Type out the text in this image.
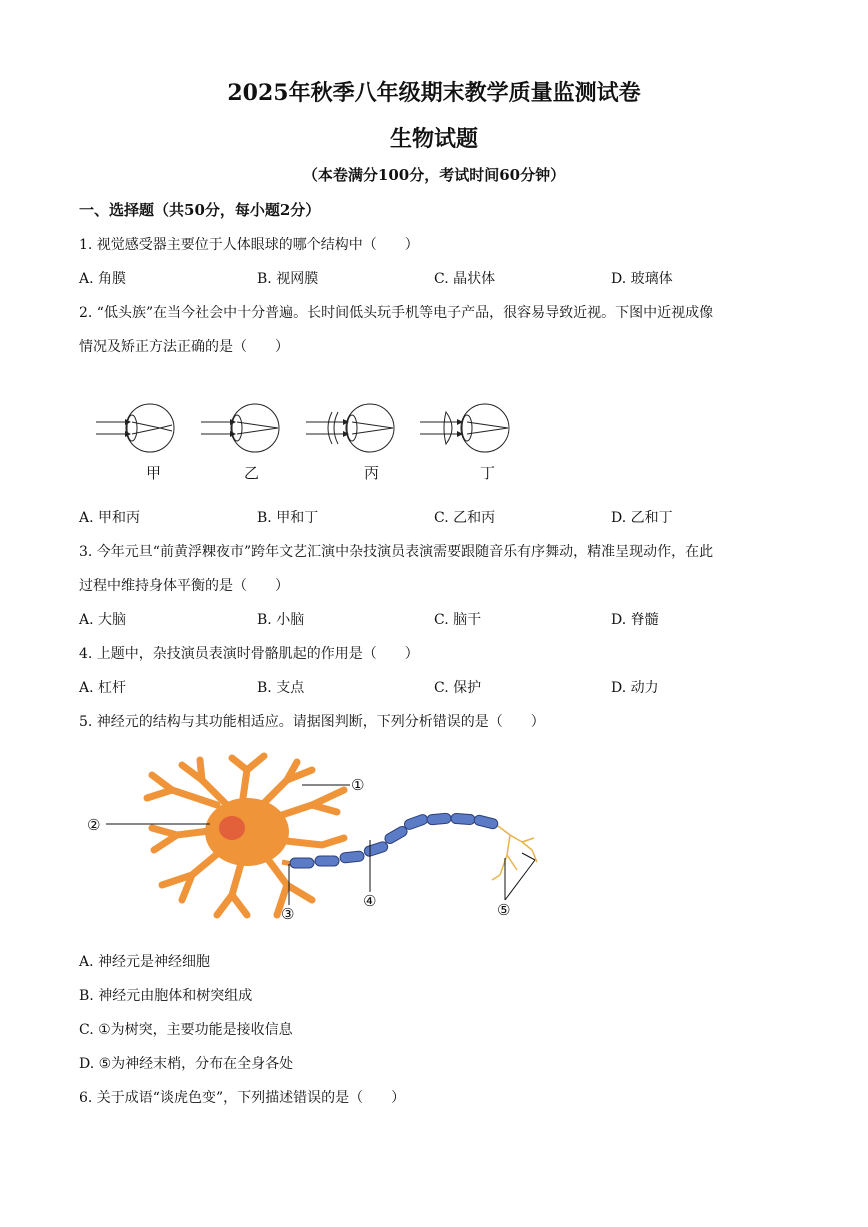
2025年秋季八年级期末教学质量监测试卷
生物试题
（本卷满分100分，考试时间60分钟）
一、选择题（共50分，每小题2分）
1. 视觉感受器主要位于人体眼球的哪个结构中（　　）
A. 角膜	B. 视网膜	C. 晶状体	D. 玻璃体
2. “低头族”在当今社会中十分普遍。长时间低头玩手机等电子产品，很容易导致近视。下图中近视成像
情况及矫正方法正确的是（　　）
甲	乙	丙	丁
A. 甲和丙	B. 甲和丁	C. 乙和丙	D. 乙和丁
3. 今年元旦“前黄浮粿夜市”跨年文艺汇演中杂技演员表演需要跟随音乐有序舞动，精准呈现动作，在此
过程中维持身体平衡的是（　　）
A. 大脑	B. 小脑	C. 脑干	D. 脊髓
4. 上题中，杂技演员表演时骨骼肌起的作用是（　　）
A. 杠杆	B. 支点	C. 保护	D. 动力
5. 神经元的结构与其功能相适应。请据图判断，下列分析错误的是（　　）
①
②
③
④	⑤
A. 神经元是神经细胞
B. 神经元由胞体和树突组成
C. ①为树突，主要功能是接收信息
D. ⑤为神经末梢，分布在全身各处
6. 关于成语“谈虎色变”，下列描述错误的是（　　）
